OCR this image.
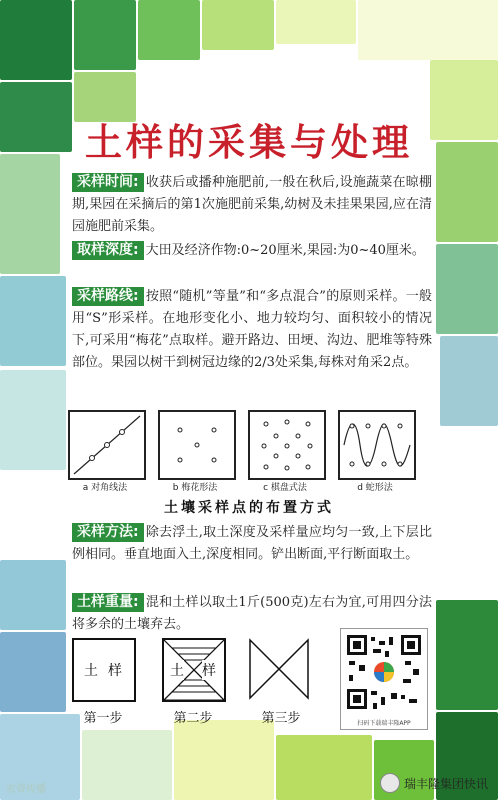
土样的采集与处理
采样时间: 收获后或播种施肥前,一般在秋后,设施蔬菜在晾棚期,果园在采摘后的第1次施肥前采集,幼树及未挂果果园,应在清园施肥前采集。
取样深度: 大田及经济作物:0~20厘米,果园:为0~40厘米。
采样路线: 按照“随机”等量”和“多点混合”的原则采样。一般用“S”形采样。在地形变化小、地力较均匀、面积较小的情况下,可采用“梅花”点取样。避开路边、田埂、沟边、肥堆等特殊部位。果园以树干到树冠边缘的2/3处采集,每株对角采2点。
a 对角线法	b 梅花形法	c 棋盘式法	d 蛇形法
土壤采样点的布置方式
采样方法: 除去浮土,取土深度及采样量应均匀一致,上下层比例相同。垂直地面入土,深度相同。铲出断面,平行断面取土。
土样重量: 混和土样以取土1斤(500克)左右为宜,可用四分法将多余的土壤弃去。
土 样	土 样
第一步	第二步	第三步	扫码下载瑞丰隆APP
农资传播	瑞丰隆集团快讯
